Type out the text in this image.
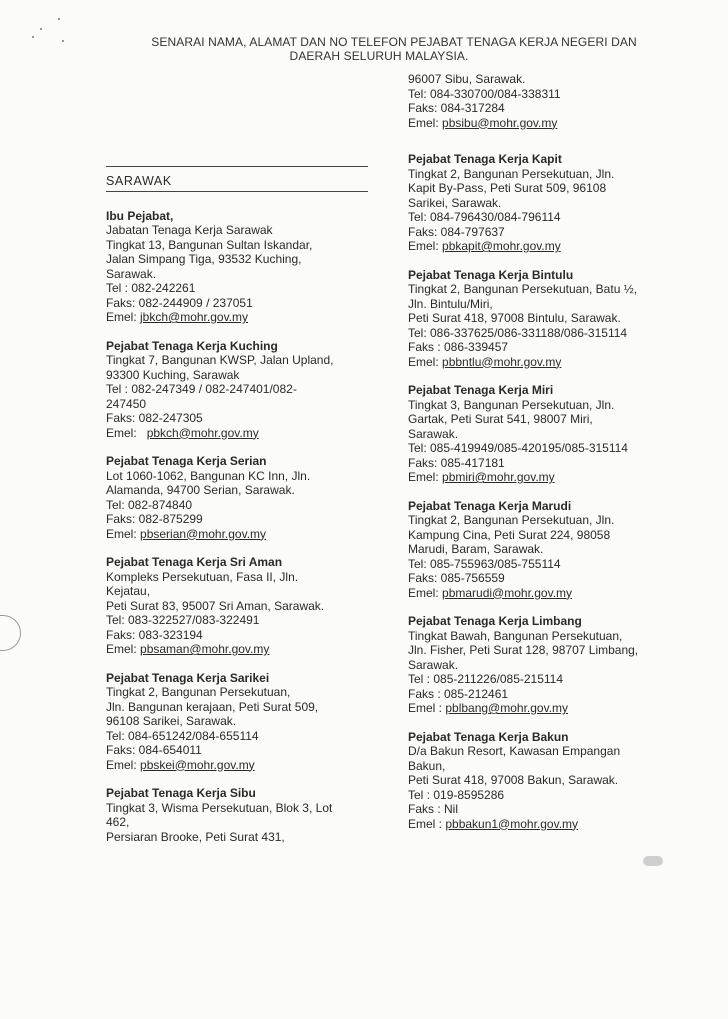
SENARAI NAMA, ALAMAT DAN NO TELEFON PEJABAT TENAGA KERJA NEGERI DAN
DAERAH SELURUH MALAYSIA.
SARAWAK
Ibu Pejabat,
Jabatan Tenaga Kerja Sarawak
Tingkat 13, Bangunan Sultan Iskandar,
Jalan Simpang Tiga, 93532 Kuching,
Sarawak.
Tel : 082-242261
Faks: 082-244909 / 237051
Emel: jbkch@mohr.gov.my
Pejabat Tenaga Kerja Kuching
Tingkat 7, Bangunan KWSP, Jalan Upland,
93300 Kuching, Sarawak
Tel : 082-247349 / 082-247401/082-
247450
Faks: 082-247305
Emel:   pbkch@mohr.gov.my
Pejabat Tenaga Kerja Serian
Lot 1060-1062, Bangunan KC Inn, Jln.
Alamanda, 94700 Serian, Sarawak.
Tel: 082-874840
Faks: 082-875299
Emel: pbserian@mohr.gov.my
Pejabat Tenaga Kerja Sri Aman
Kompleks Persekutuan, Fasa II, Jln.
Kejatau,
Peti Surat 83, 95007 Sri Aman, Sarawak.
Tel: 083-322527/083-322491
Faks: 083-323194
Emel: pbsaman@mohr.gov.my
Pejabat Tenaga Kerja Sarikei
Tingkat 2, Bangunan Persekutuan,
Jln. Bangunan kerajaan, Peti Surat 509,
96108 Sarikei, Sarawak.
Tel: 084-651242/084-655114
Faks: 084-654011
Emel: pbskei@mohr.gov.my
Pejabat Tenaga Kerja Sibu
Tingkat 3, Wisma Persekutuan, Blok 3, Lot
462,
Persiaran Brooke, Peti Surat 431,
96007 Sibu, Sarawak.
Tel: 084-330700/084-338311
Faks: 084-317284
Emel: pbsibu@mohr.gov.my
Pejabat Tenaga Kerja Kapit
Tingkat 2, Bangunan Persekutuan, Jln.
Kapit By-Pass, Peti Surat 509, 96108
Sarikei, Sarawak.
Tel: 084-796430/084-796114
Faks: 084-797637
Emel: pbkapit@mohr.gov.my
Pejabat Tenaga Kerja Bintulu
Tingkat 2, Bangunan Persekutuan, Batu ½,
Jln. Bintulu/Miri,
Peti Surat 418, 97008 Bintulu, Sarawak.
Tel: 086-337625/086-331188/086-315114
Faks : 086-339457
Emel: pbbntlu@mohr.gov.my
Pejabat Tenaga Kerja Miri
Tingkat 3, Bangunan Persekutuan, Jln.
Gartak, Peti Surat 541, 98007 Miri,
Sarawak.
Tel: 085-419949/085-420195/085-315114
Faks: 085-417181
Emel: pbmiri@mohr.gov.my
Pejabat Tenaga Kerja Marudi
Tingkat 2, Bangunan Persekutuan, Jln.
Kampung Cina, Peti Surat 224, 98058
Marudi, Baram, Sarawak.
Tel: 085-755963/085-755114
Faks: 085-756559
Emel: pbmarudi@mohr.gov.my
Pejabat Tenaga Kerja Limbang
Tingkat Bawah, Bangunan Persekutuan,
Jln. Fisher, Peti Surat 128, 98707 Limbang,
Sarawak.
Tel : 085-211226/085-215114
Faks : 085-212461
Emel : pblbang@mohr.gov.my
Pejabat Tenaga Kerja Bakun
D/a Bakun Resort, Kawasan Empangan
Bakun,
Peti Surat 418, 97008 Bakun, Sarawak.
Tel : 019-8595286
Faks : Nil
Emel : pbbakun1@mohr.gov.my
